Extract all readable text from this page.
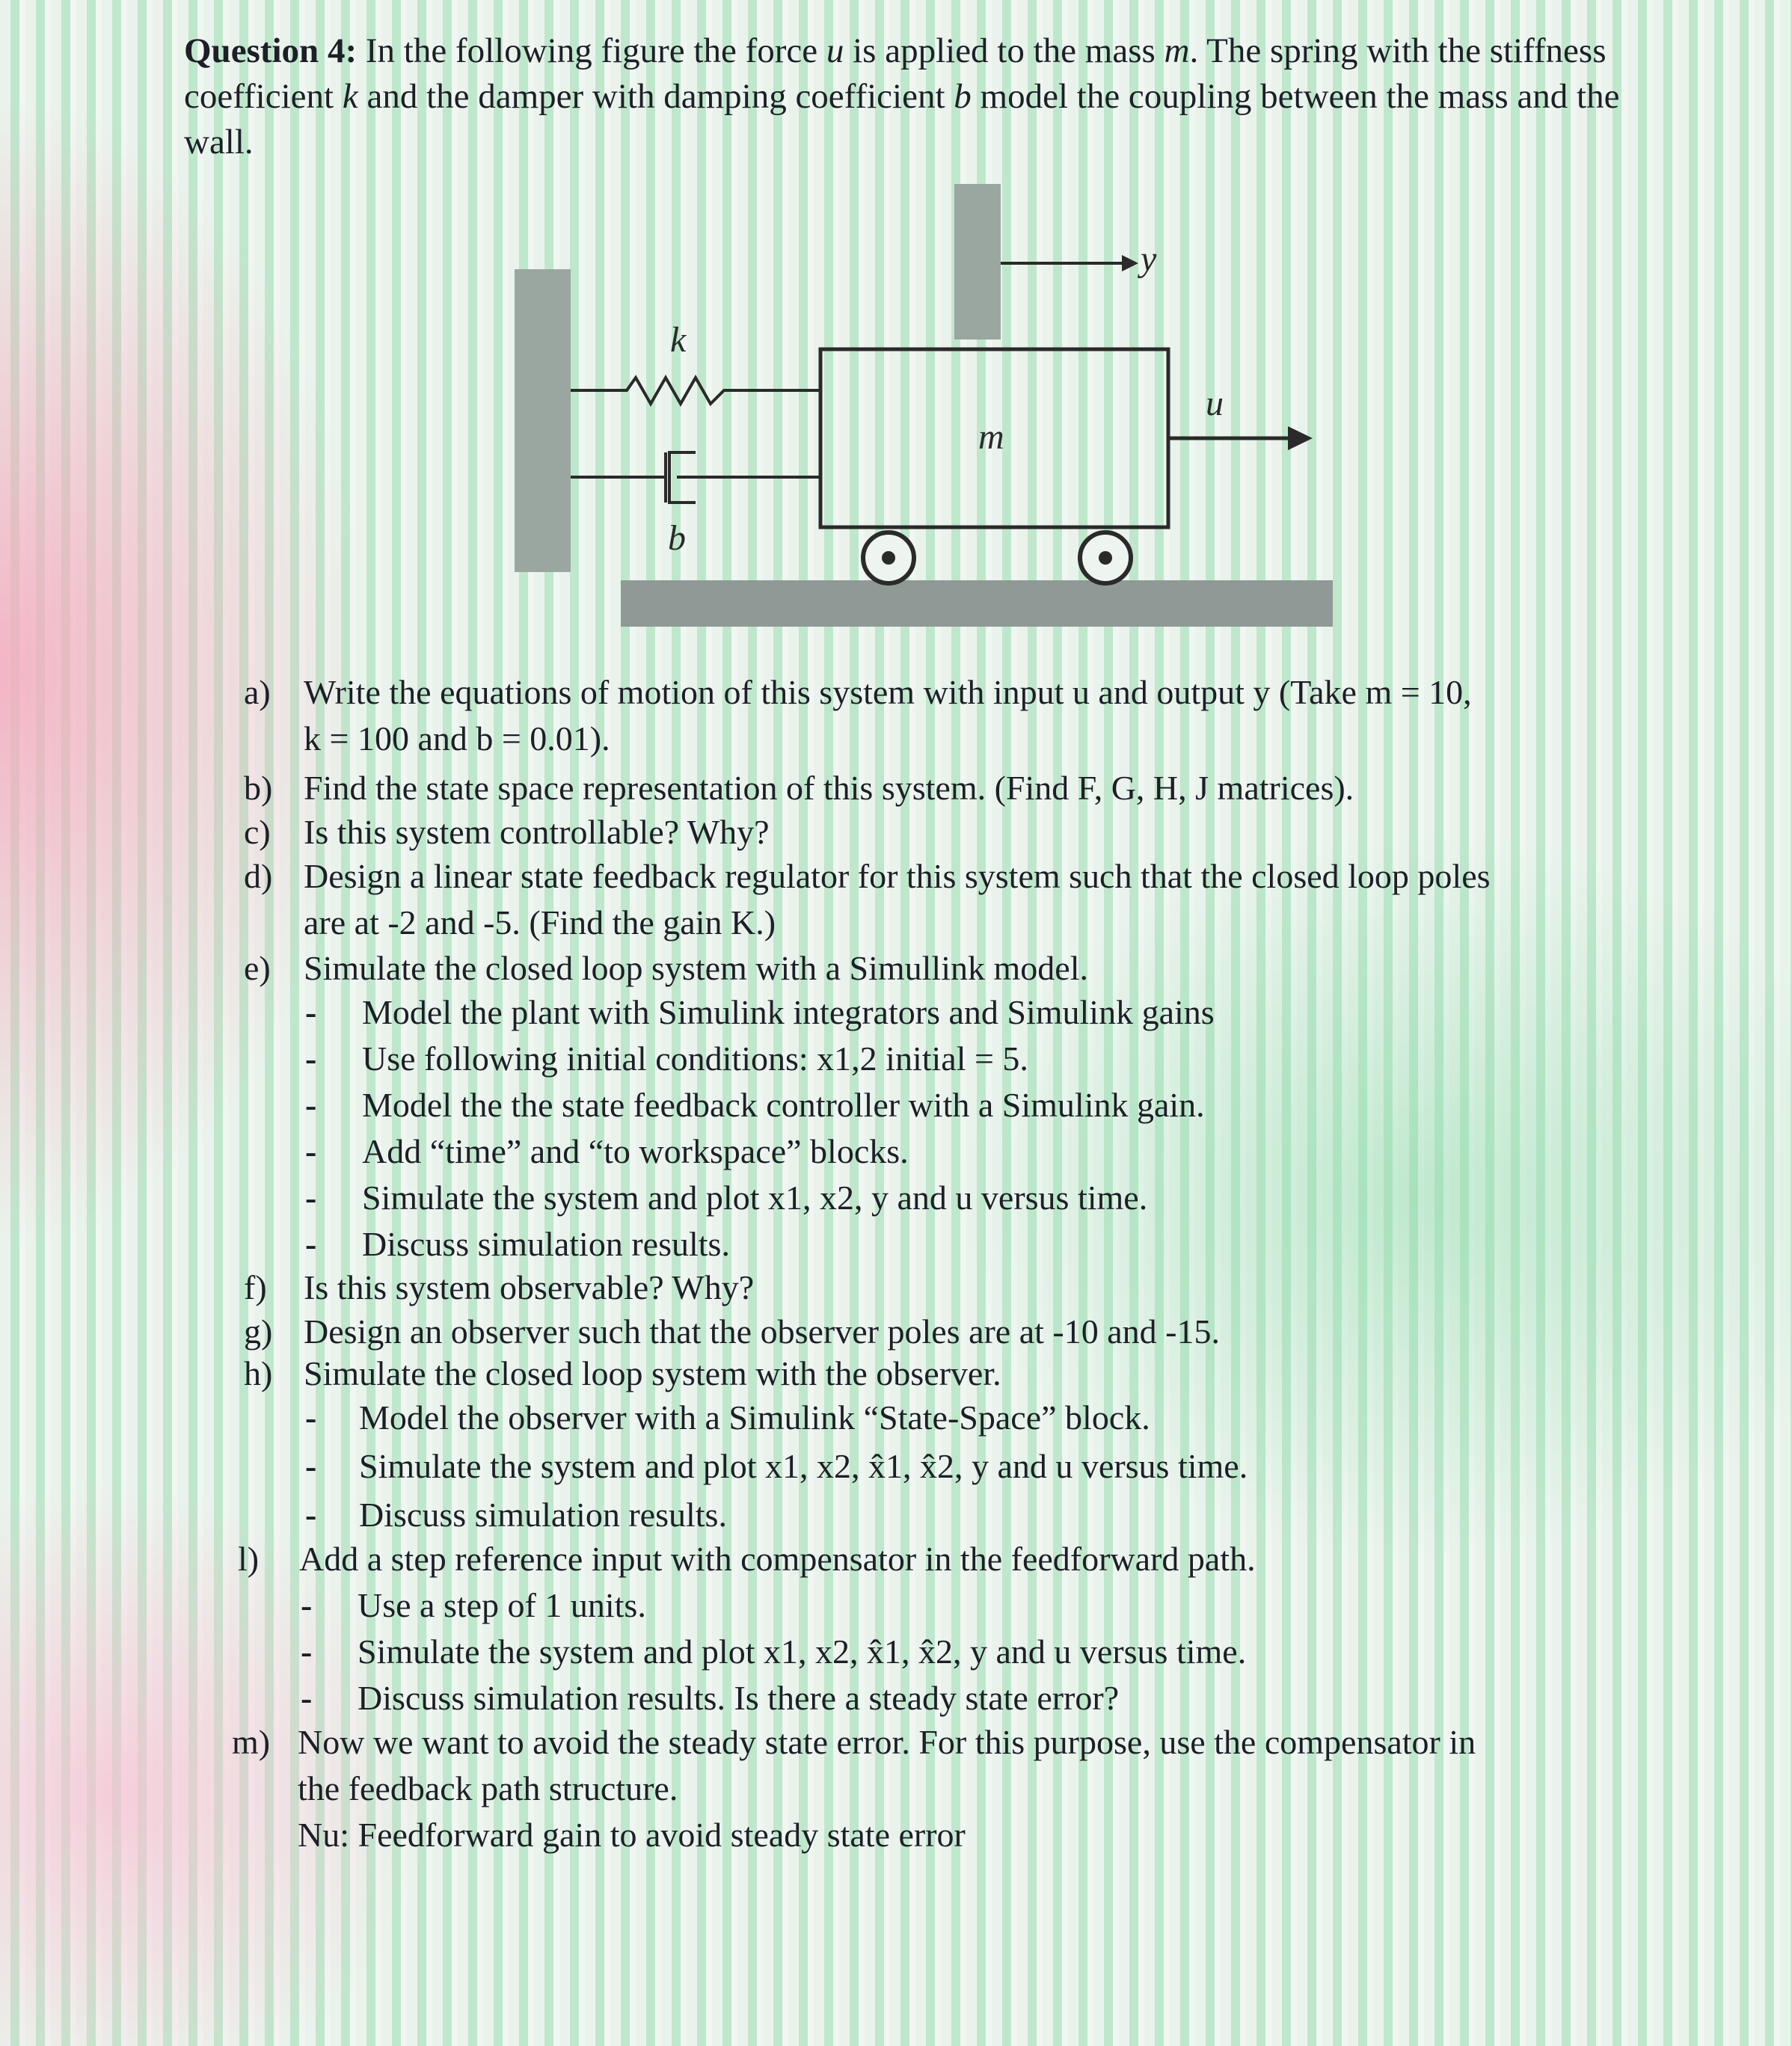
Question 4: In the following figure the force u is applied to the mass m. The spring with the stiffness coefficient k and the damper with damping coefficient b model the coupling between the mass and the wall.
k
b
m
u
y
a) Write the equations of motion of this system with input u and output y (Take m = 10,
k = 100 and b = 0.01).
b) Find the state space representation of this system. (Find F, G, H, J matrices).
c) Is this system controllable? Why?
d) Design a linear state feedback regulator for this system such that the closed loop poles
are at -2 and -5. (Find the gain K.)
e) Simulate the closed loop system with a Simullink model.
- Model the plant with Simulink integrators and Simulink gains
- Use following initial conditions: x1,2 initial = 5.
- Model the the state feedback controller with a Simulink gain.
- Add “time” and “to workspace” blocks.
- Simulate the system and plot x1, x2, y and u versus time.
- Discuss simulation results.
f) Is this system observable? Why?
g) Design an observer such that the observer poles are at -10 and -15.
h) Simulate the closed loop system with the observer.
- Model the observer with a Simulink “State-Space” block.
- Simulate the system and plot x1, x2, x̂1, x̂2, y and u versus time.
- Discuss simulation results.
l) Add a step reference input with compensator in the feedforward path.
- Use a step of 1 units.
- Simulate the system and plot x1, x2, x̂1, x̂2, y and u versus time.
- Discuss simulation results. Is there a steady state error?
m) Now we want to avoid the steady state error. For this purpose, use the compensator in
the feedback path structure.
Nu: Feedforward gain to avoid steady state error
